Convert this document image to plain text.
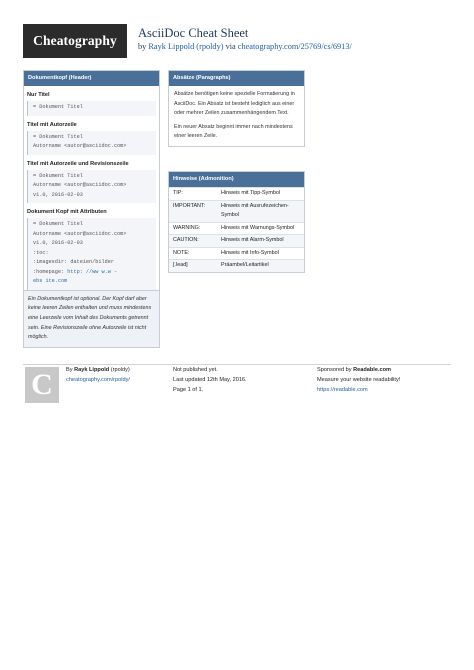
Cheatography	AsciiDoc Cheat Sheet
by Rayk Lippold (rpoldy) via cheatography.com/25769/cs/6913/
Dokumentkopf (Header)
Nur Titel
= Dokument Titel
Titel mit Autorzeile
= Dokument Titel
Autorname <autor@asciidoc.com>
Titel mit Autorzeile und Revisionszeile
= Dokument Titel
Autorname <autor@asciidoc.com>
v1.0, 2016-02-03
Dokument Kopf mit Attributen
= Dokument Titel
Autorname <autor@asciidoc.com>
v1.0, 2016-02-03
:toc:
:imagesdir: dateien/bilder
:homepage: http: //ww w.w -
ebs ite.com
Ein Dokumentkopf ist optional. Der Kopf darf aber keine leeren Zeilen enthalten und muss mindestens eine Leerzeile vom Inhalt des Dokuments getrennt sein. Eine Revisionszeile ohne Autorzeile ist nicht möglich.
Absätze (Paragraphs)
Absätze benötigen keine spezielle Formatierung in AsciiDoc. Ein Absatz ist besteht lediglich aus einer oder mehrer Zeilen zusammenhängendem Text.
Ein neuer Absatz beginnt immer nach mindestens einer leeren Zeile.
Hinweise (Admonition)
TIP:	Hinweis mit Tipp-Symbol
IMPORTANT:	Hinweis mit Ausrufezeichen-Symbol
WARNING:	Hinweis mit Warnungs-Symbol
CAUTION:	Hinweis mit Alarm-Symbol
NOTE:	Hinweis mit Info-Symbol
[.lead]	Präambel/Leitartikel
C By Rayk Lippold (rpoldy)
cheatography.com/rpoldy/
Not published yet.
Last updated 12th May, 2016.
Page 1 of 1.
Sponsored by Readable.com
Measure your website readability!
https://readable.com
